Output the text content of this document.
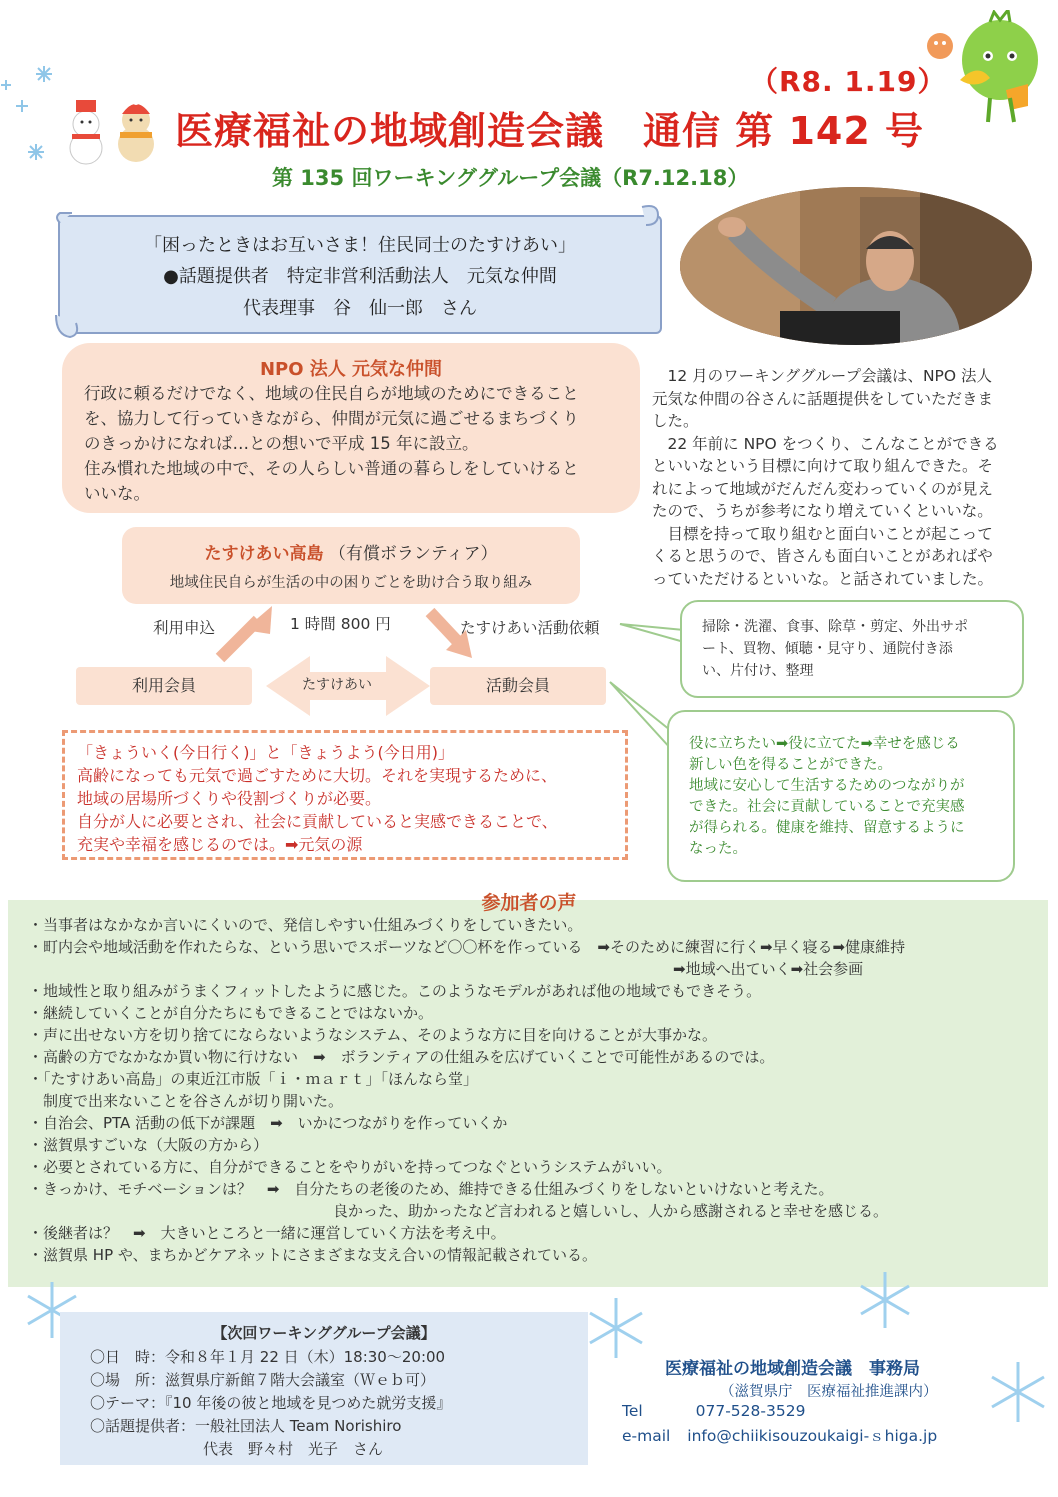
（R8. 1.19）
医療福祉の地域創造会議　通信 第 142 号
第 135 回ワーキンググループ会議（R7.12.18）
「困ったときはお互いさま！住民同士のたすけあい」
●話題提供者　特定非営利活動法人　元気な仲間
代表理事　谷　仙一郎　さん
NPO 法人 元気な仲間
行政に頼るだけでなく、地域の住民自らが地域のためにできること
を、協力して行っていきながら、仲間が元気に過ごせるまちづくり
のきっかけになれば…との想いで平成 15 年に設立。
住み慣れた地域の中で、その人らしい普通の暮らしをしていけると
いいな。
　12 月のワーキンググループ会議は、NPO 法人
元気な仲間の谷さんに話題提供をしていただきま
した。
　22 年前に NPO をつくり、こんなことができる
といいなという目標に向けて取り組んできた。そ
れによって地域がだんだん変わっていくのが見え
たので、うちが参考になり増えていくといいな。
　目標を持って取り組むと面白いことが起こって
くると思うので、皆さんも面白いことがあればや
っていただけるといいな。と話されていました。
たすけあい高島 （有償ボランティア）
地域住民自らが生活の中の困りごとを助け合う取り組み
利用申込	1 時間 800 円	たすけあい活動依頼
利用会員	たすけあい	活動会員
掃除・洗濯、食事、除草・剪定、外出サポ
ート、買物、傾聴・見守り、通院付き添
い、片付け、整理
役に立ちたい➡役に立てた➡幸せを感じる
新しい色を得ることができた。
地域に安心して生活するためのつながりが
できた。社会に貢献していることで充実感
が得られる。健康を維持、留意するように
なった。
「きょういく(今日行く)」と「きょうよう(今日用)」
高齢になっても元気で過ごすために大切。それを実現するために、
地域の居場所づくりや役割づくりが必要。
自分が人に必要とされ、社会に貢献していると実感できることで、
充実や幸福を感じるのでは。➡元気の源
・ 当事者はなかなか言いにくいので、発信しやすい仕組みづくりをしていきたい。
・ 町内会や地域活動を作れたらな、という思いでスポーツなど〇〇杯を作っている　➡そのために練習に行く➡早く寝る➡健康維持
➡地域へ出ていく➡社会参画
・ 地域性と取り組みがうまくフィットしたように感じた。このようなモデルがあれば他の地域でもできそう。
・ 継続していくことが自分たちにもできることではないか。
・ 声に出せない方を切り捨てにならないようなシステム、そのような方に目を向けることが大事かな。
・ 高齢の方でなかなか買い物に行けない　➡　ボランティアの仕組みを広げていくことで可能性があるのでは。
・ 「たすけあい高島」の東近江市版「ｉ・ｍａｒｔ」「ほんなら堂」
　制度で出来ないことを谷さんが切り開いた。
・ 自治会、PTA 活動の低下が課題　➡　いかにつながりを作っていくか
・ 滋賀県すごいな（大阪の方から）
・ 必要とされている方に、自分ができることをやりがいを持ってつなぐというシステムがいい。
・ きっかけ、モチベーションは？　➡　自分たちの老後のため、維持できる仕組みづくりをしないといけないと考えた。
良かった、助かったなど言われると嬉しいし、人から感謝されると幸せを感じる。
・ 後継者は？　➡　大きいところと一緒に運営していく方法を考え中。
・ 滋賀県 HP や、まちかどケアネットにさまざまな支え合いの情報記載されている。
参加者の声
【次回ワーキンググループ会議】
〇日　時：令和８年１月 22 日（木）18:30～20:00
〇場　所：滋賀県庁新館７階大会議室（Ｗｅｂ可）
〇テーマ：『10 年後の彼と地域を見つめた就労支援』
〇話題提供者：一般社団法人 Team Norishiro
代表　野々村　光子　さん
医療福祉の地域創造会議　事務局
（滋賀県庁　医療福祉推進課内）
Tel	077-528-3529
e-mail info@chiikisouzoukaigi-ｓhiga.jp
